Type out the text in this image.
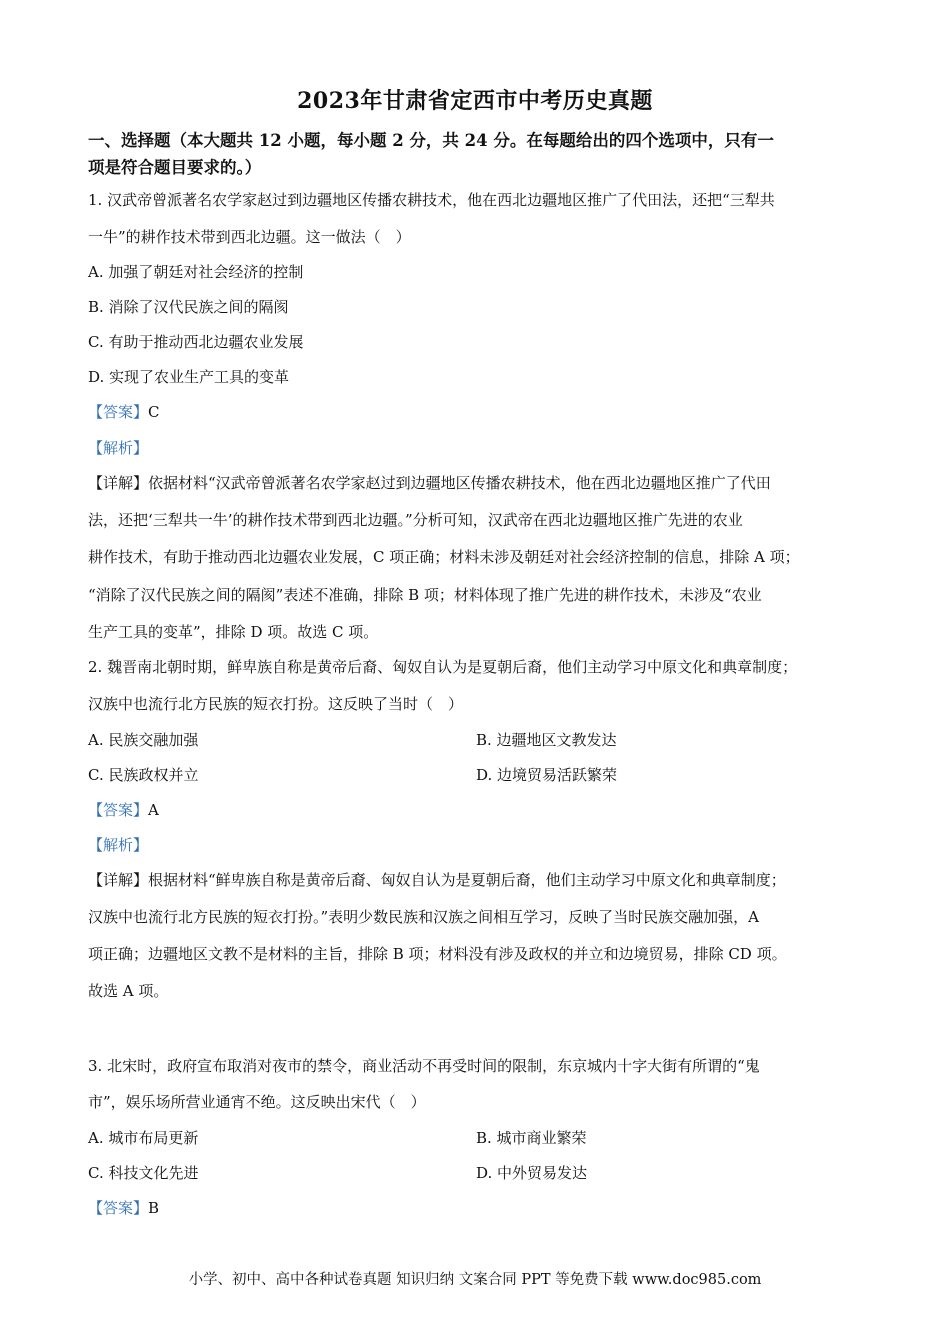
2023年甘肃省定西市中考历史真题
一、选择题（本大题共 12 小题，每小题 2 分，共 24 分。在每题给出的四个选项中，只有一
项是符合题目要求的。）
1. 汉武帝曾派著名农学家赵过到边疆地区传播农耕技术，他在西北边疆地区推广了代田法，还把“三犁共
一牛”的耕作技术带到西北边疆。这一做法（　）
A. 加强了朝廷对社会经济的控制
B. 消除了汉代民族之间的隔阂
C. 有助于推动西北边疆农业发展
D. 实现了农业生产工具的变革
【答案】C
【解析】
【详解】依据材料“汉武帝曾派著名农学家赵过到边疆地区传播农耕技术，他在西北边疆地区推广了代田
法，还把‘三犁共一牛’的耕作技术带到西北边疆。”分析可知，汉武帝在西北边疆地区推广先进的农业
耕作技术，有助于推动西北边疆农业发展，C 项正确；材料未涉及朝廷对社会经济控制的信息，排除 A 项；
“消除了汉代民族之间的隔阂”表述不准确，排除 B 项；材料体现了推广先进的耕作技术，未涉及“农业
生产工具的变革”，排除 D 项。故选 C 项。
2. 魏晋南北朝时期，鲜卑族自称是黄帝后裔、匈奴自认为是夏朝后裔，他们主动学习中原文化和典章制度；
汉族中也流行北方民族的短衣打扮。这反映了当时（　）
A. 民族交融加强	B. 边疆地区文教发达
C. 民族政权并立	D. 边境贸易活跃繁荣
【答案】A
【解析】
【详解】根据材料“鲜卑族自称是黄帝后裔、匈奴自认为是夏朝后裔，他们主动学习中原文化和典章制度；
汉族中也流行北方民族的短衣打扮。”表明少数民族和汉族之间相互学习，反映了当时民族交融加强，A
项正确；边疆地区文教不是材料的主旨，排除 B 项；材料没有涉及政权的并立和边境贸易，排除 CD 项。
故选 A 项。
3. 北宋时，政府宣布取消对夜市的禁令，商业活动不再受时间的限制，东京城内十字大街有所谓的“鬼
市”，娱乐场所营业通宵不绝。这反映出宋代（　）
A. 城市布局更新	B. 城市商业繁荣
C. 科技文化先进	D. 中外贸易发达
【答案】B
小学、初中、高中各种试卷真题 知识归纳 文案合同 PPT 等免费下载 www.doc985.com
